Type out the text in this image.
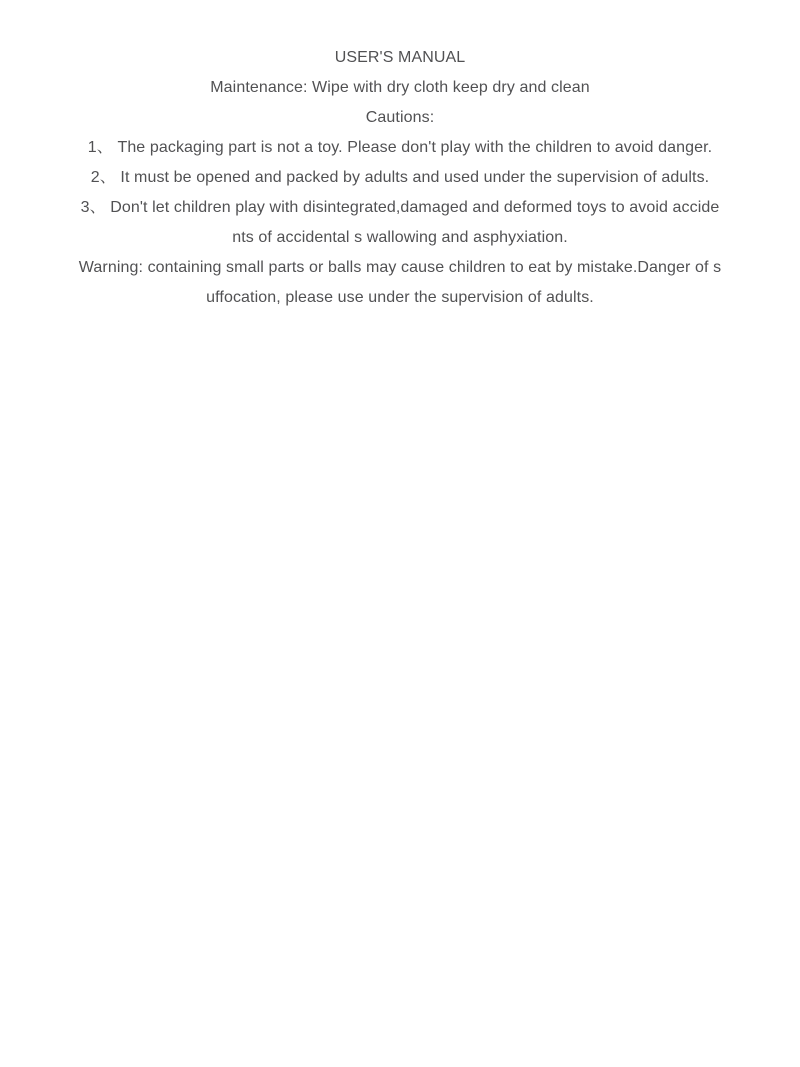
USER'S MANUAL

Maintenance: Wipe with dry cloth keep dry and clean

Cautions:

1、 The packaging part is not a toy. Please don't play with the children to avoid danger.

2、 It must be opened and packed by adults and used under the supervision of adults.

3、 Don't let children play with disintegrated,damaged and deformed toys to avoid accide

nts of accidental s wallowing and asphyxiation.

Warning: containing small parts or balls may cause children to eat by mistake.Danger of s

uffocation, please use under the supervision of adults.
